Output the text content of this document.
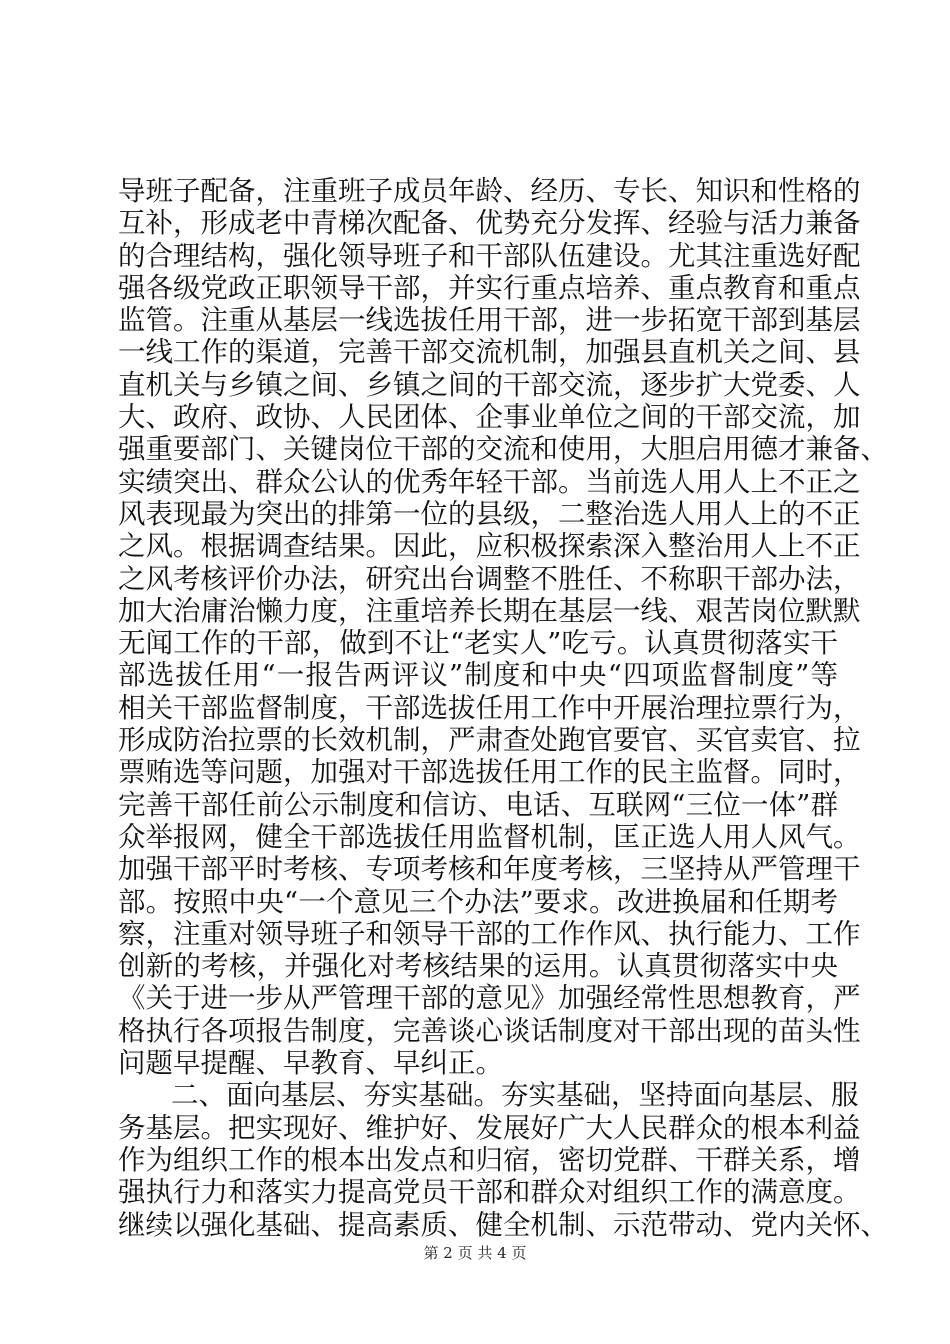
导班子配备，注重班子成员年龄、经历、专长、知识和性格的
互补，形成老中青梯次配备、优势充分发挥、经验与活力兼备
的合理结构，强化领导班子和干部队伍建设。尤其注重选好配
强各级党政正职领导干部，并实行重点培养、重点教育和重点
监管。注重从基层一线选拔任用干部，进一步拓宽干部到基层
一线工作的渠道，完善干部交流机制，加强县直机关之间、县
直机关与乡镇之间、乡镇之间的干部交流，逐步扩大党委、人
大、政府、政协、人民团体、企事业单位之间的干部交流，加
强重要部门、关键岗位干部的交流和使用，大胆启用德才兼备、
实绩突出、群众公认的优秀年轻干部。当前选人用人上不正之
风表现最为突出的排第一位的县级，二整治选人用人上的不正
之风。根据调查结果。因此，应积极探索深入整治用人上不正
之风考核评价办法，研究出台调整不胜任、不称职干部办法，
加大治庸治懒力度，注重培养长期在基层一线、艰苦岗位默默
无闻工作的干部，做到不让“老实人”吃亏。认真贯彻落实干
部选拔任用“一报告两评议”制度和中央“四项监督制度”等
相关干部监督制度，干部选拔任用工作中开展治理拉票行为，
形成防治拉票的长效机制，严肃查处跑官要官、买官卖官、拉
票贿选等问题，加强对干部选拔任用工作的民主监督。同时，
完善干部任前公示制度和信访、电话、互联网“三位一体”群
众举报网，健全干部选拔任用监督机制，匡正选人用人风气。
加强干部平时考核、专项考核和年度考核，三坚持从严管理干
部。按照中央“一个意见三个办法”要求。改进换届和任期考
察，注重对领导班子和领导干部的工作作风、执行能力、工作
创新的考核，并强化对考核结果的运用。认真贯彻落实中央
《关于进一步从严管理干部的意见》加强经常性思想教育，严
格执行各项报告制度，完善谈心谈话制度对干部出现的苗头性
问题早提醒、早教育、早纠正。
二、面向基层、夯实基础。夯实基础，坚持面向基层、服
务基层。把实现好、维护好、发展好广大人民群众的根本利益
作为组织工作的根本出发点和归宿，密切党群、干群关系，增
强执行力和落实力提高党员干部和群众对组织工作的满意度。
继续以强化基础、提高素质、健全机制、示范带动、党内关怀、
第 2 页 共 4 页
